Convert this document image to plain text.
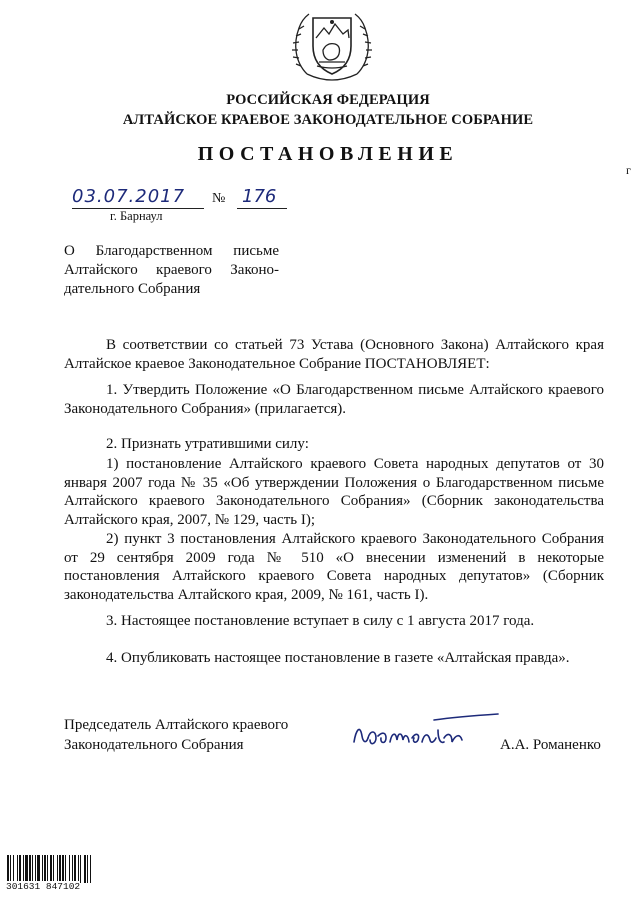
РОССИЙСКАЯ ФЕДЕРАЦИЯ
АЛТАЙСКОЕ КРАЕВОЕ ЗАКОНОДАТЕЛЬНОЕ СОБРАНИЕ
ПОСТАНОВЛЕНИЕ
г
03.07.2017 № 176
г. Барнаул
О Благодарственном письме
Алтайского краевого Законо-
дательного Собрания
В соответствии со статьей 73 Устава (Основного Закона) Алтайского края Алтайское краевое Законодательное Собрание ПОСТАНОВЛЯЕТ:
1. Утвердить Положение «О Благодарственном письме Алтайского краевого Законодательного Собрания» (прилагается).
2. Признать утратившими силу:
1) постановление Алтайского краевого Совета народных депутатов от 30 января 2007 года № 35 «Об утверждении Положения о Благодарственном письме Алтайского краевого Законодательного Собрания» (Сборник законодательства Алтайского края, 2007, № 129, часть I);
2) пункт 3 постановления Алтайского краевого Законодательного Собрания от 29 сентября 2009 года № 510 «О внесении изменений в некоторые постановления Алтайского краевого Совета народных депутатов» (Сборник законодательства Алтайского края, 2009, № 161, часть I).
3. Настоящее постановление вступает в силу с 1 августа 2017 года.
4. Опубликовать настоящее постановление в газете «Алтайская правда».
Председатель Алтайского краевого
Законодательного Собрания	А.А. Романенко
301631 847102
